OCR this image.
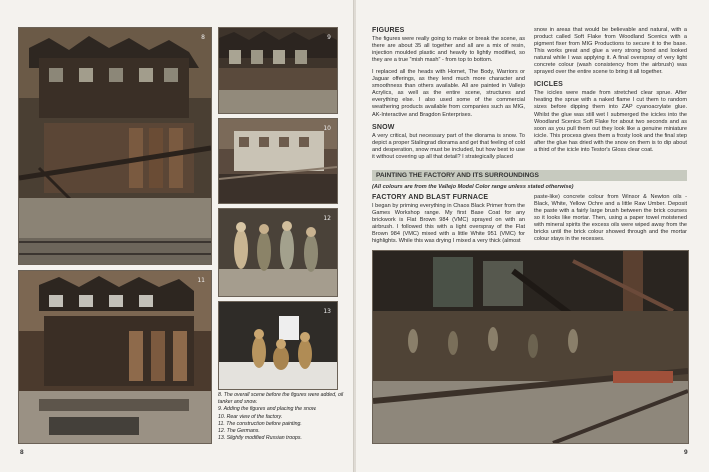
8	9
10
11
12
13
8. The overall scene before the figures were added, oil
tanker and snow.
9. Adding the figures and placing the snow.
10. Rear view of the factory.
11. The construction before painting.
12. The Germans.
13. Slightly modified Russian troops.
8	9
FIGURES

The figures were really going to make or break the scene, as there are about 35 all together and all are a mix of resin, injection moulded plastic and heavily to lightly modified, so they are a true “mish mash” - from top to bottom.

I replaced all the heads with Hornet, The Body, Warriors or Jaguar offerings, as they lend much more character and smoothness than others available. All are painted in Vallejo Acrylics, as well as the entire scene, structures and everything else. I also used some of the commercial weathering products available from companies such as MIG, AK-Interactive and Bragdon Enterprises.

SNOW

A very critical, but necessary part of the diorama is snow. To depict a proper Stalingrad diorama and get that feeling of cold and desperation, snow must be included, but how best to use it without covering up all that detail? I strategically placed

snow in areas that would be believable and natural, with a product called Soft Flake from Woodland Scenics with a pigment fixer from MIG Productions to secure it to the base. This works great and glue a very strong bond and looked natural while I was applying it. A final overspray of very light concrete colour (wash consistency from the airbrush) was sprayed over the entire scene to bring it all together.

ICICLES

The icicles were made from stretched clear sprue. After heating the sprue with a naked flame I cut them to random sizes before dipping them into ZAP cyanoacrylate glue. Whilst the glue was still wet I submerged the icicles into the Woodland Scenics Soft Flake for about two seconds and as soon as you pull them out they look like a genuine miniature icicle. This process gives them a frosty look and the final step after the glue has dried with the snow on them is to dip about a third of the icicle into Testor's Gloss clear coat.

PAINTING THE FACTORY AND ITS SURROUNDINGS
(All colours are from the Vallejo Model Color range unless stated otherwise)
FACTORY AND BLAST FURNACE

I began by priming everything in Chaos Black Primer from the Games Workshop range. My first Base Coat for any brickwork is Flat Brown 984 (VMC) sprayed on with an airbrush. I followed this with a light overspray of the Flat Brown 984 (VMC) mixed with a little White 951 (VMC) for highlights. While this was drying I mixed a very thick (almost

paste-like) concrete colour from Winsor & Newton oils - Black, White, Yellow Ochre and a little Raw Umber. Deposit the paste with a fairly large brush between the brick courses so it looks like mortar. Then, using a paper towel moistened with mineral spirits the excess oils were wiped away from the bricks until the brick colour showed through and the mortar colour stays in the recesses.
